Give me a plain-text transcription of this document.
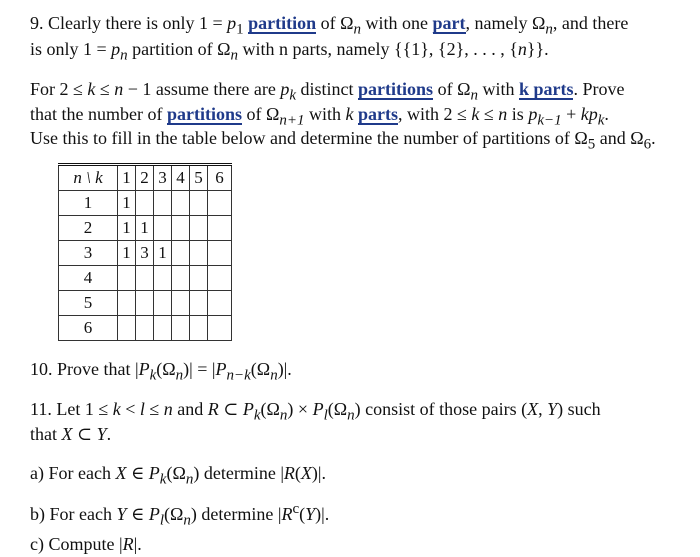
9. Clearly there is only $1 = p_1$ partition of $\Omega_n$ with one part, namely $\Omega_n$, and there
is only $1 = p_n$ partition of $\Omega_n$ with n parts, namely {{1}, {2}, . . . , {n}}.
For 2 ≤ k ≤ n − 1 assume there are $p_k$ distinct partitions of $\Omega_n$ with k parts. Prove
that the number of partitions of $\Omega_{n+1}$ with k parts, with 2 ≤ k ≤ n is $p_{k-1} + kp_k$.
Use this to fill in the table below and determine the number of partitions of $\Omega_5$ and $\Omega_6$.
n \ k	1	2	3	4	5	6
1	1					
2	1	1				
3	1	3	1			
4						
5						
6						
10. Prove that $|P_k(\Omega_n)| = |P_{n-k}(\Omega_n)|$.
11. Let 1 ≤ k < l ≤ n and R ⊂ $P_k(\Omega_n) \times P_l(\Omega_n)$ consist of those pairs (X, Y) such
that X ⊂ Y.
a) For each X ∈ $P_k(\Omega_n)$ determine |R(X)|.
b) For each Y ∈ $P_l(\Omega_n)$ determine $|R^c(Y)|$.
c) Compute |R|.
